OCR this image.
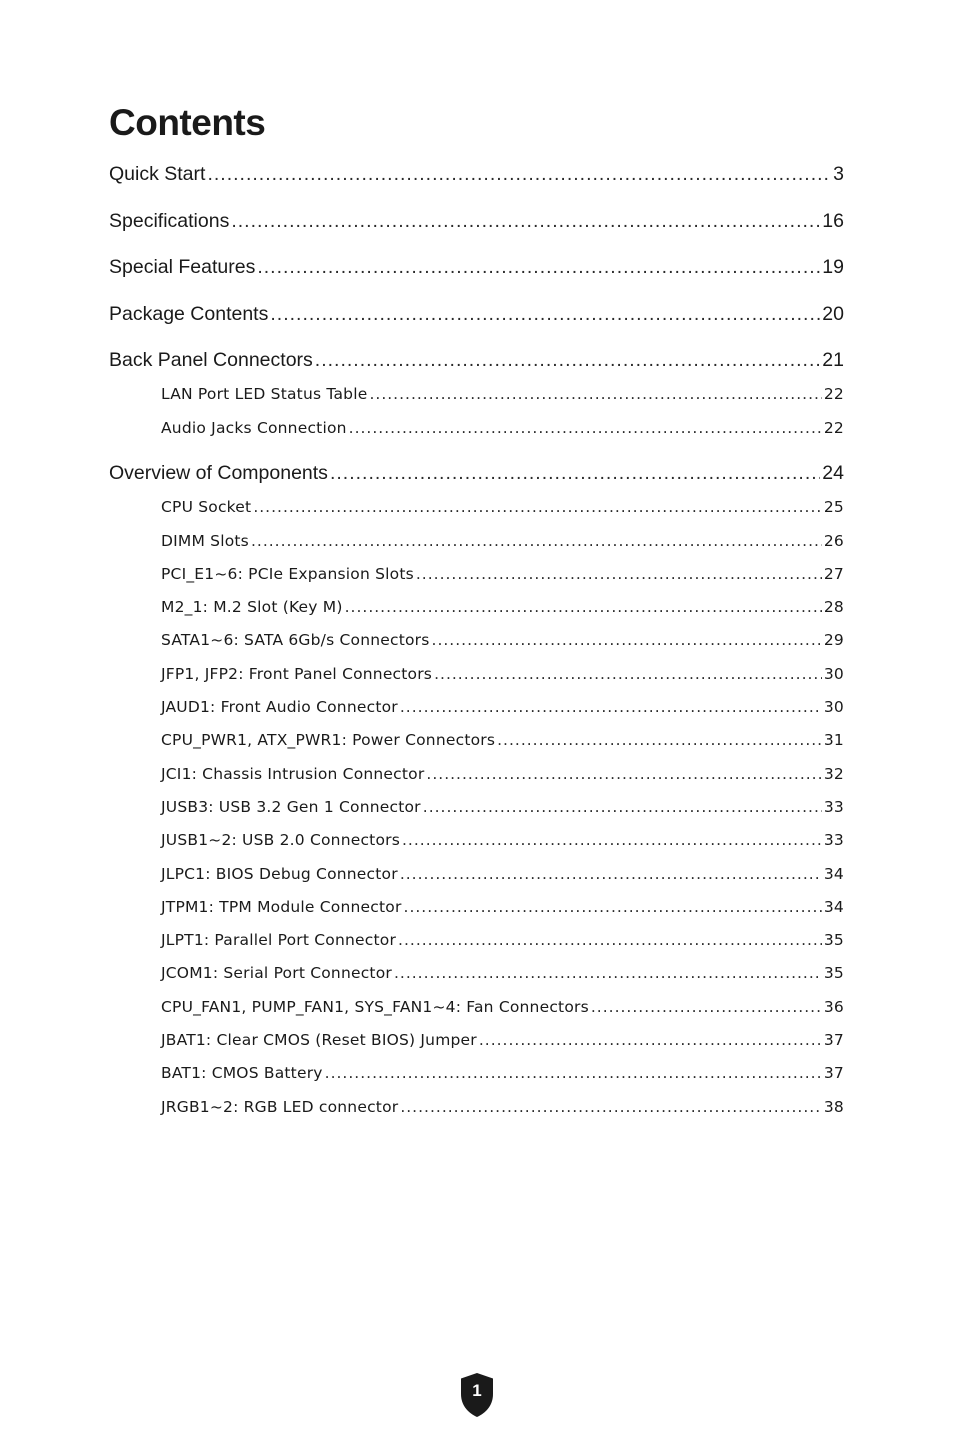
Contents
Quick Start .....	3
Specifications .....	16
Special Features .....	19
Package Contents .....	20
Back Panel Connectors .....	21
LAN Port LED Status Table .....	22
Audio Jacks Connection .....	22
Overview of Components .....	24
CPU Socket .....	25
DIMM Slots .....	26
PCI_E1~6: PCIe Expansion Slots .....	27
M2_1: M.2 Slot (Key M) .....	28
SATA1~6: SATA 6Gb/s Connectors .....	29
JFP1, JFP2: Front Panel Connectors .....	30
JAUD1: Front Audio Connector .....	30
CPU_PWR1, ATX_PWR1: Power Connectors .....	31
JCI1: Chassis Intrusion Connector .....	32
JUSB3: USB 3.2 Gen 1 Connector .....	33
JUSB1~2: USB 2.0 Connectors .....	33
JLPC1: BIOS Debug Connector .....	34
JTPM1: TPM Module Connector .....	34
JLPT1: Parallel Port Connector .....	35
JCOM1: Serial Port Connector .....	35
CPU_FAN1, PUMP_FAN1, SYS_FAN1~4: Fan Connectors .....	36
JBAT1: Clear CMOS (Reset BIOS) Jumper .....	37
BAT1: CMOS Battery .....	37
JRGB1~2: RGB LED connector .....	38
1
